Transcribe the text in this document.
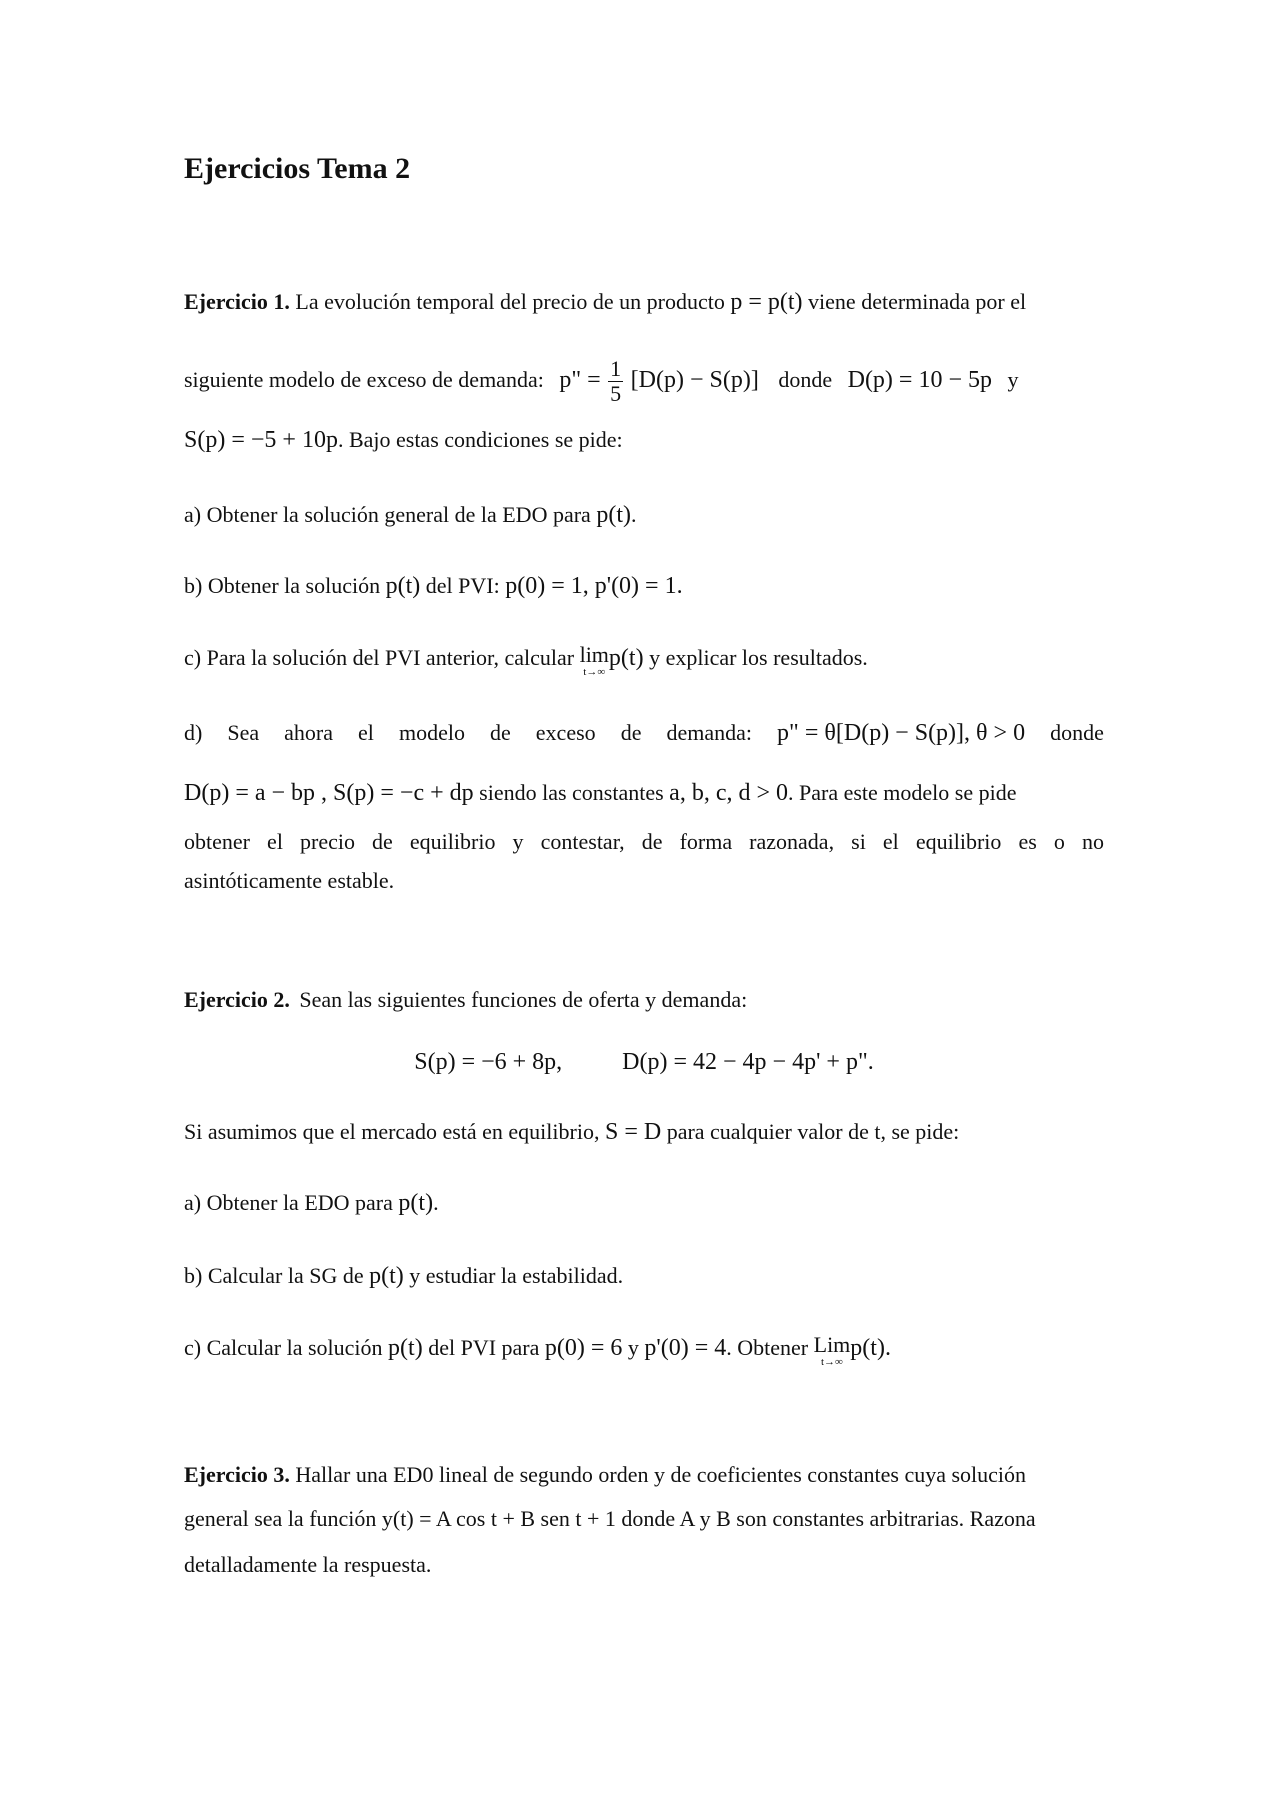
Ejercicios Tema 2
Ejercicio 1. La evolución temporal del precio de un producto p = p(t) viene determinada por el
siguiente modelo de exceso de demanda: p" = $\frac{1}{5} [D(p) - S(p)]$ donde D(p) = 10 − 5p y
S(p) = −5 + 10p. Bajo estas condiciones se pide:
a) Obtener la solución general de la EDO para p(t).
b) Obtener la solución p(t) del PVI: p(0) = 1, p'(0) = 1.
c) Para la solución del PVI anterior, calcular lim
t→∞
p(t) y explicar los resultados.
d) Sea ahora el modelo de exceso de demanda: p" = θ[D(p) − S(p)], θ > 0 donde
D(p) = a − bp , S(p) = −c + dp siendo las constantes a, b, c, d > 0. Para este modelo se pide
obtener el precio de equilibrio y contestar, de forma razonada, si el equilibrio es o no
asintóticamente estable.
Ejercicio 2. Sean las siguientes funciones de oferta y demanda:
S(p) = −6 + 8p,	D(p) = 42 − 4p − 4p' + p".
Si asumimos que el mercado está en equilibrio, S = D para cualquier valor de t, se pide:
a) Obtener la EDO para p(t).
b) Calcular la SG de p(t) y estudiar la estabilidad.
c) Calcular la solución p(t) del PVI para p(0) = 6 y p'(0) = 4. Obtener Lim
t→∞
p(t).
Ejercicio 3. Hallar una ED0 lineal de segundo orden y de coeficientes constantes cuya solución
general sea la función y(t) = A cos t + B sen t + 1 donde A y B son constantes arbitrarias. Razona
detalladamente la respuesta.
